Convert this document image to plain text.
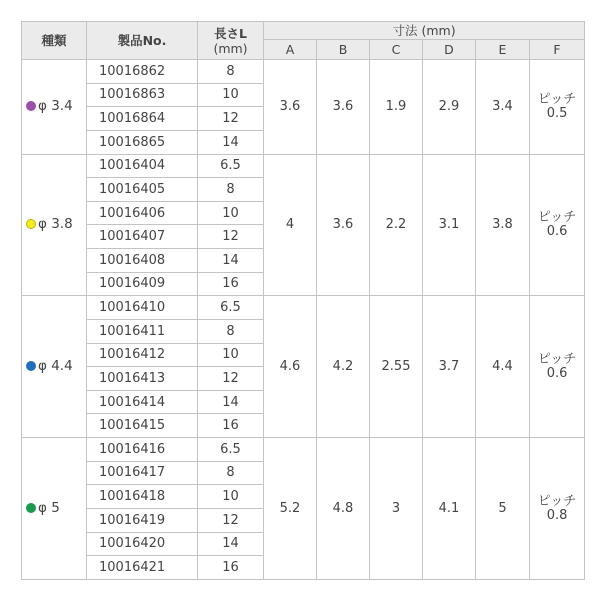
種類	製品No.	長さL
(mm)	寸法 (mm)					
			A	B	C	D	E	F
φ 3.4	10016862	8	3.6	3.6	1.9	2.9	3.4	ピッチ
0.5

	10016863	10						
	10016864	12						
	10016865	14						
φ 3.8	10016404	6.5	4	3.6	2.2	3.1	3.8	ピッチ
0.6

	10016405	8						
	10016406	10						
	10016407	12						
	10016408	14						
	10016409	16						
φ 4.4	10016410	6.5	4.6	4.2	2.55	3.7	4.4	ピッチ
0.6

	10016411	8						
	10016412	10						
	10016413	12						
	10016414	14						
	10016415	16						
φ 5	10016416	6.5	5.2	4.8	3	4.1	5	ピッチ
0.8

	10016417	8						
	10016418	10						
	10016419	12						
	10016420	14						
	10016421	16						
